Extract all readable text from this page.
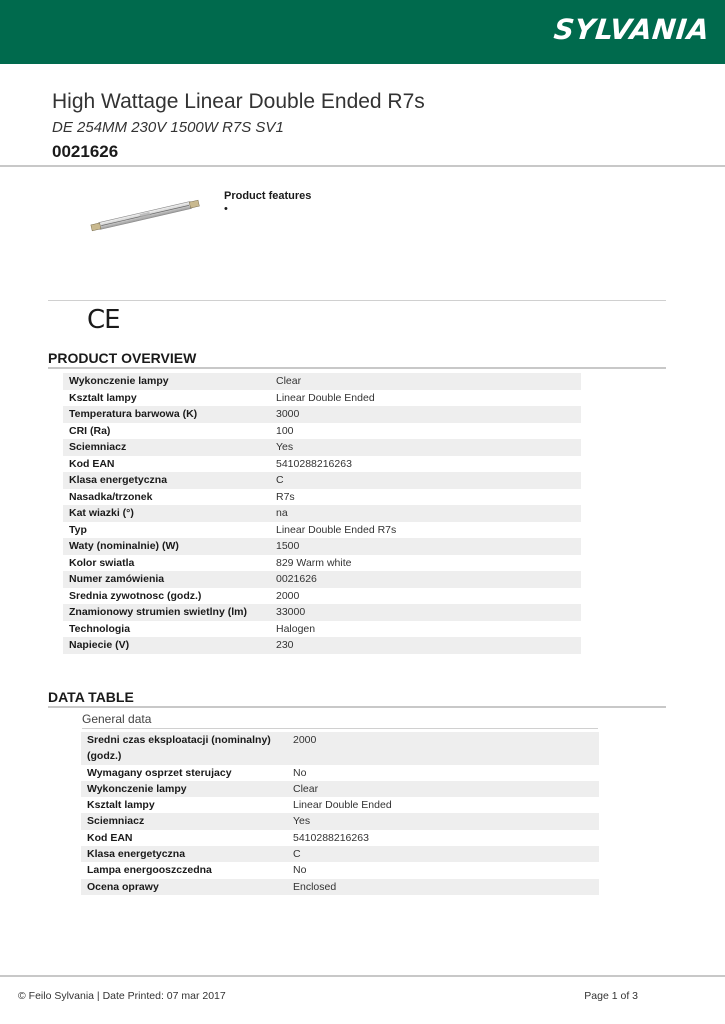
SYLVANIA
High Wattage Linear Double Ended R7s
DE 254MM 230V 1500W R7S SV1
0021626
Product features
•
CE
PRODUCT OVERVIEW
Wykonczenie lampy	Clear
Ksztalt lampy	Linear Double Ended
Temperatura barwowa (K)	3000
CRI (Ra)	100
Sciemniacz	Yes
Kod EAN	5410288216263
Klasa energetyczna	C
Nasadka/trzonek	R7s
Kat wiazki (°)	na
Typ	Linear Double Ended R7s
Waty (nominalnie) (W)	1500
Kolor swiatla	829 Warm white
Numer zamówienia	0021626
Srednia zywotnosc (godz.)	2000
Znamionowy strumien swietlny (lm)	33000
Technologia	Halogen
Napiecie (V)	230
DATA TABLE
General data
Sredni czas eksploatacji (nominalny) (godz.)	2000
Wymagany osprzet sterujacy	No
Wykonczenie lampy	Clear
Ksztalt lampy	Linear Double Ended
Sciemniacz	Yes
Kod EAN	5410288216263
Klasa energetyczna	C
Lampa energooszczedna	No
Ocena oprawy	Enclosed
© Feilo Sylvania | Date Printed: 07 mar 2017	Page 1 of 3
